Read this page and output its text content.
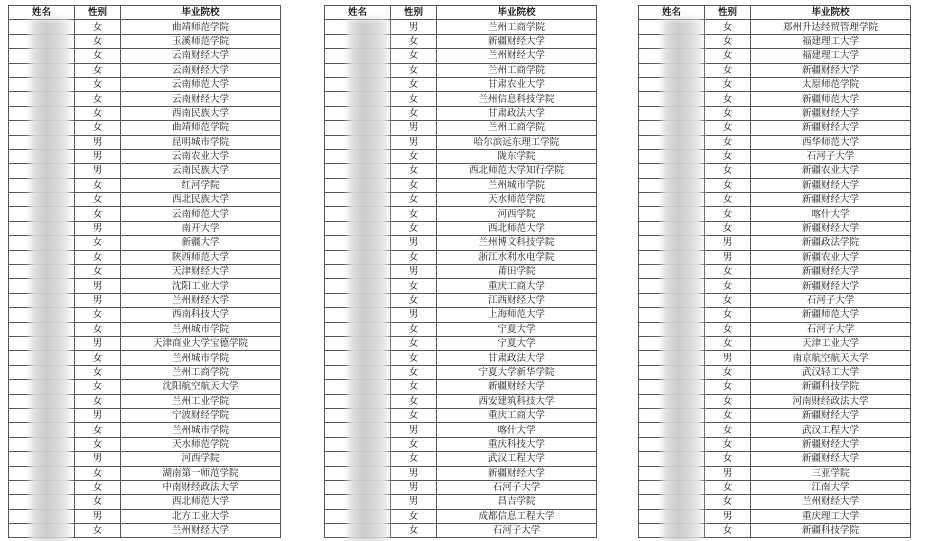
姓名	性别	毕业院校
	女	曲靖师范学院
	女	玉溪师范学院
	女	云南财经大学
	女	云南财经大学
	女	云南师范大学
	女	云南财经大学
	女	西南民族大学
	女	曲靖师范学院
	男	昆明城市学院
	男	云南农业大学
	男	云南民族大学
	女	红河学院
	女	西北民族大学
	女	云南师范大学
	男	南开大学
	女	新疆大学
	女	陕西师范大学
	女	天津财经大学
	男	沈阳工业大学
	男	兰州财经大学
	女	西南科技大学
	女	兰州城市学院
	男	天津商业大学宝德学院
	女	兰州城市学院
	女	兰州工商学院
	女	沈阳航空航天大学
	女	兰州工业学院
	男	宁波财经学院
	女	兰州城市学院
	女	天水师范学院
	男	河西学院
	女	湖南第一师范学院
	女	中南财经政法大学
	女	西北师范大学
	男	北方工业大学
	女	兰州财经大学
姓名	性别	毕业院校
	男	兰州工商学院
	女	新疆财经大学
	女	兰州财经大学
	女	兰州工商学院
	女	甘肃农业大学
	女	兰州信息科技学院
	女	甘肃政法大学
	男	兰州工商学院
	男	哈尔滨远东理工学院
	女	陇东学院
	女	西北师范大学知行学院
	女	兰州城市学院
	女	天水师范学院
	女	河西学院
	女	西北师范大学
	男	兰州博文科技学院
	女	浙江水利水电学院
	男	莆田学院
	女	重庆工商大学
	女	江西财经大学
	男	上海师范大学
	女	宁夏大学
	女	宁夏大学
	女	甘肃政法大学
	女	宁夏大学新华学院
	女	新疆财经大学
	女	西安建筑科技大学
	女	重庆工商大学
	男	喀什大学
	女	重庆科技大学
	女	武汉工程大学
	男	新疆财经大学
	男	石河子大学
	男	昌吉学院
	女	成都信息工程大学
	女	石河子大学
姓名	性别	毕业院校
	女	郑州升达经贸管理学院
	女	福建理工大学
	女	福建理工大学
	女	新疆财经大学
	女	太原师范学院
	女	新疆师范大学
	女	新疆财经大学
	女	新疆财经大学
	女	西华师范大学
	女	石河子大学
	女	新疆农业大学
	女	新疆财经大学
	女	新疆财经大学
	女	喀什大学
	女	新疆财经大学
	男	新疆政法学院
	男	新疆农业大学
	女	新疆财经大学
	女	新疆财经大学
	女	石河子大学
	女	新疆师范大学
	女	石河子大学
	女	天津工业大学
	男	南京航空航天大学
	女	武汉轻工大学
	女	新疆科技学院
	女	河南财经政法大学
	女	新疆财经大学
	女	武汉工程大学
	女	新疆财经大学
	女	新疆财经大学
	男	三亚学院
	女	江南大学
	女	兰州财经大学
	男	重庆理工大学
	女	新疆科技学院
